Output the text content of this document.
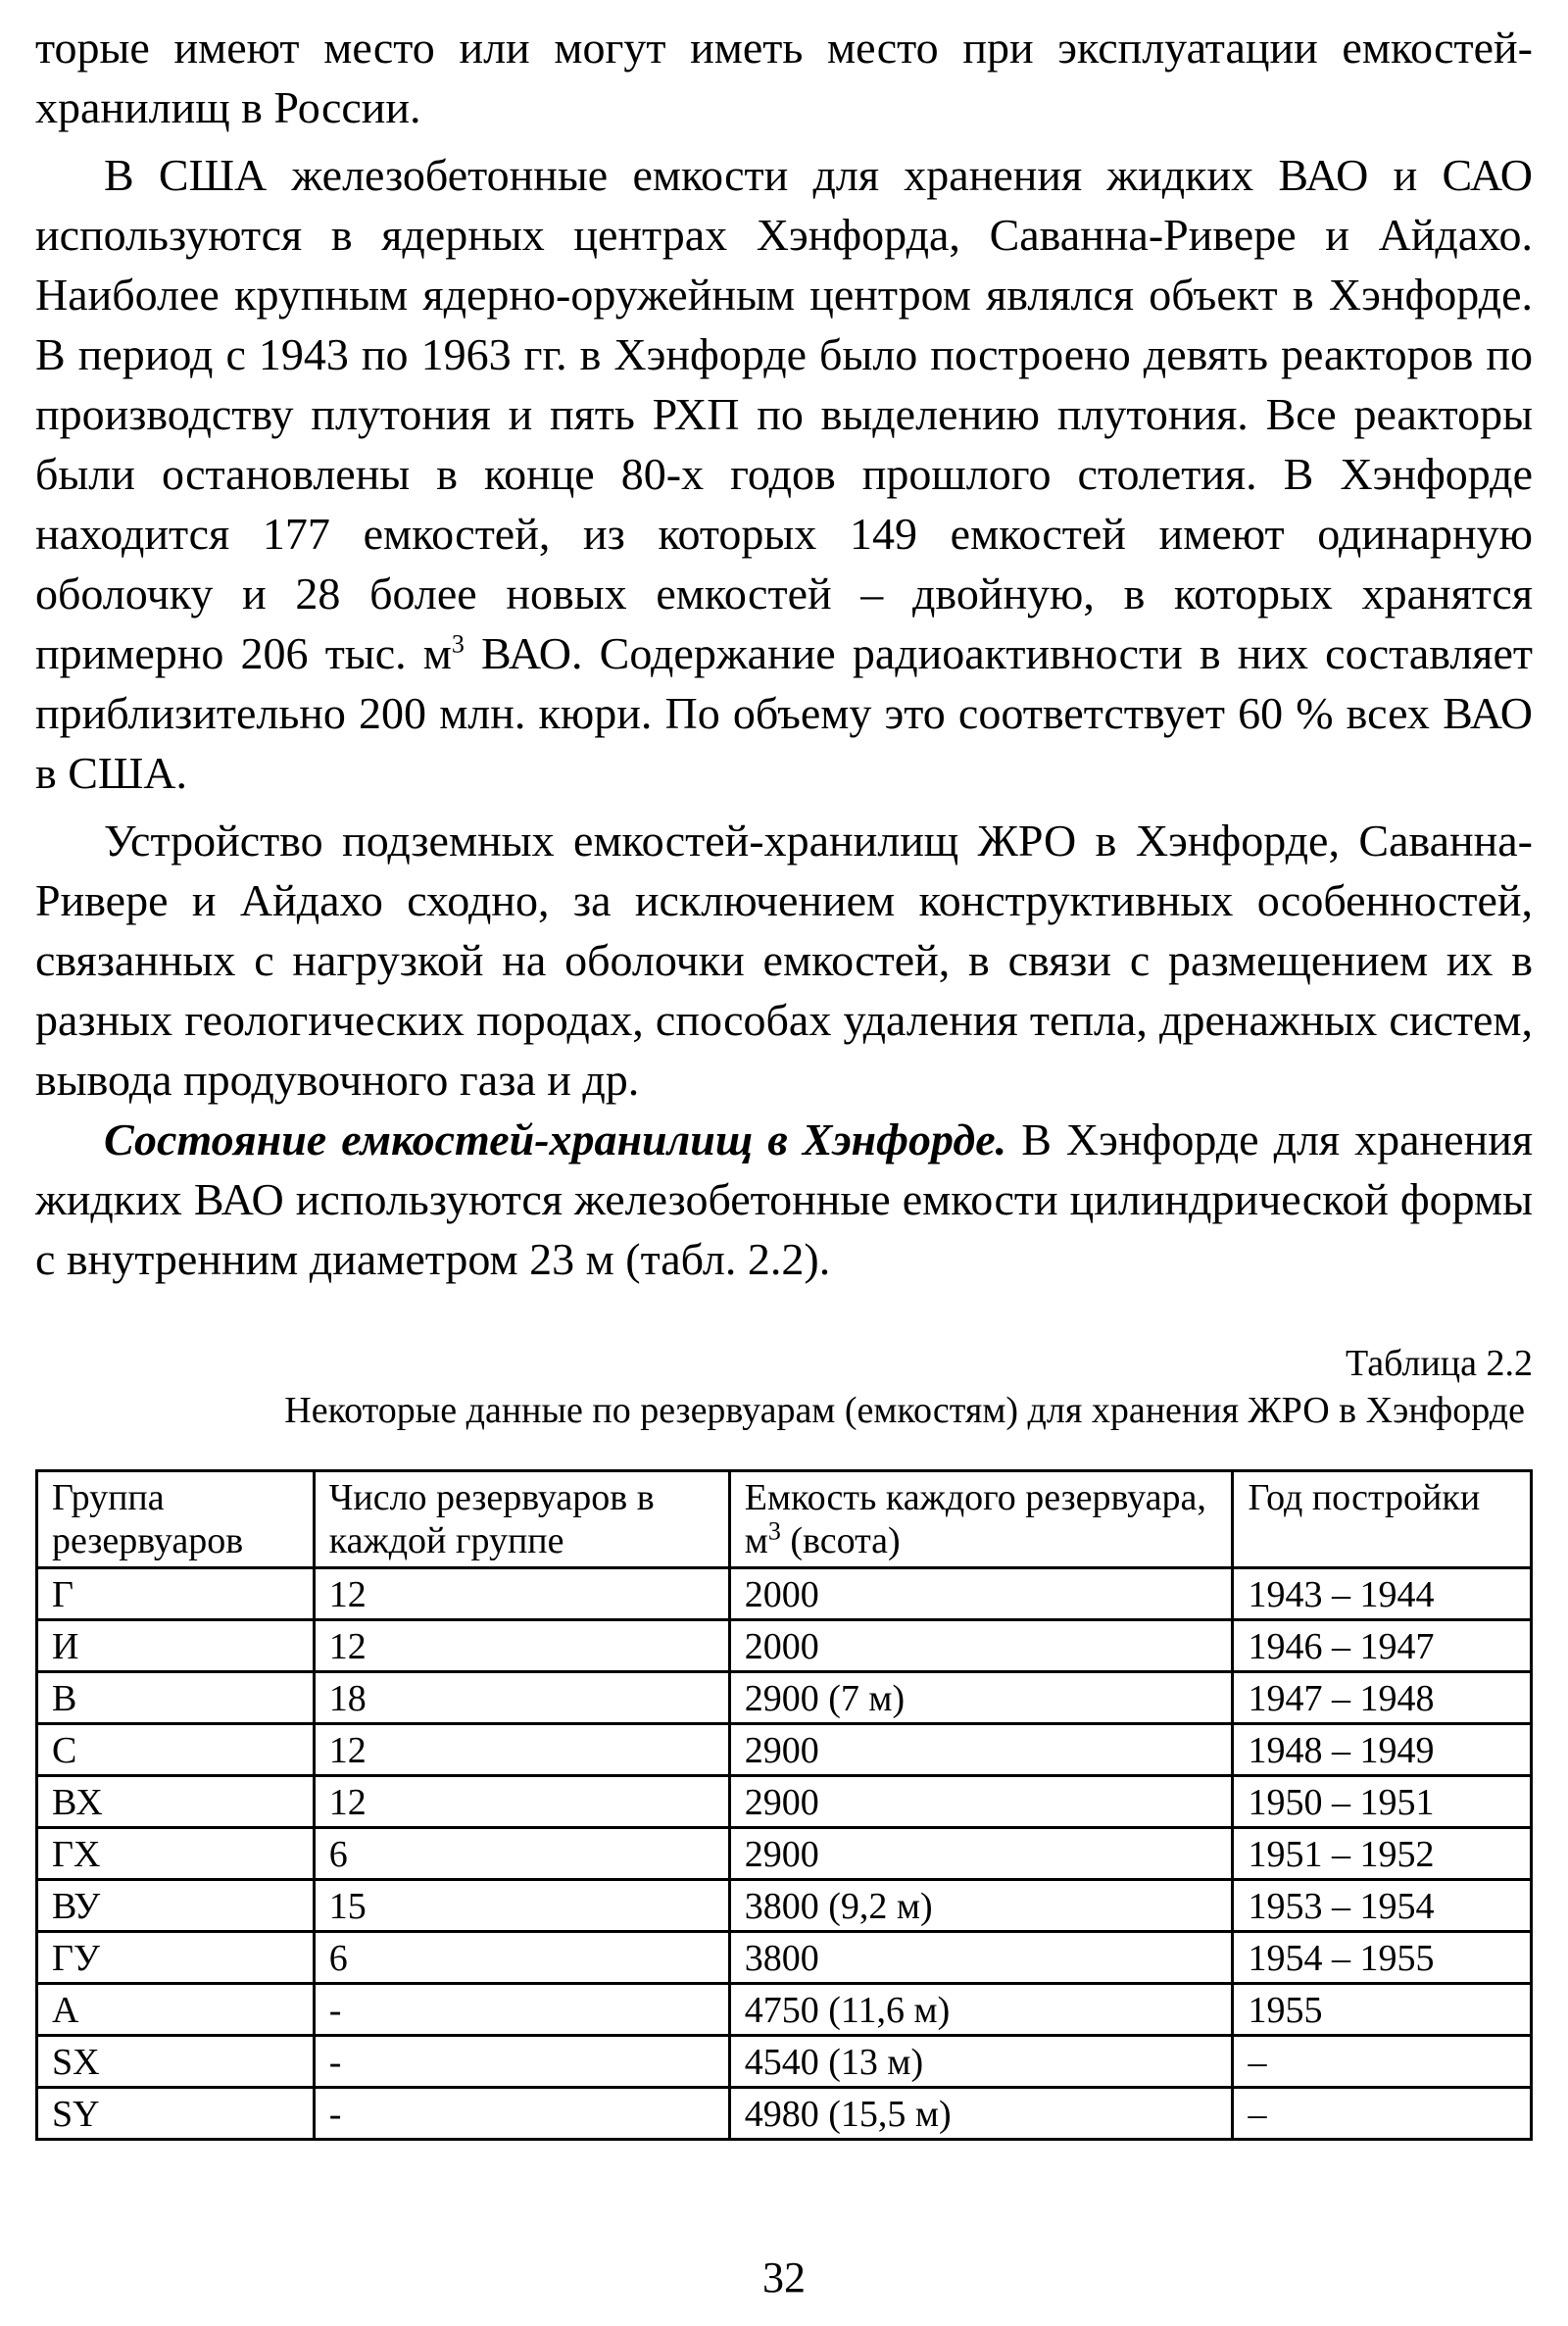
торые имеют место или могут иметь место при эксплуатации емкостей-хранилищ в России.

В США железобетонные емкости для хранения жидких ВАО и САО используются в ядерных центрах Хэнфорда, Саванна-Ривере и Айдахо. Наиболее крупным ядерно-оружейным центром являлся объект в Хэнфорде. В период с 1943 по 1963 гг. в Хэнфорде было построено девять реакторов по производству плутония и пять РХП по выделению плутония. Все реакторы были остановлены в конце 80-х годов прошлого столетия. В Хэнфорде находится 177 емкостей, из которых 149 емкостей имеют одинарную оболочку и 28 более новых емкостей – двойную, в которых хранятся примерно 206 тыс. $м^3$ ВАО. Содержание радиоактивности в них составляет приблизительно 200 млн. кюри. По объему это соответствует 60 % всех ВАО в США.

Устройство подземных емкостей-хранилищ ЖРО в Хэнфорде, Саванна-Ривере и Айдахо сходно, за исключением конструктивных особенностей, связанных с нагрузкой на оболочки емкостей, в связи с размещением их в разных геологических породах, способах удаления тепла, дренажных систем, вывода продувочного газа и др.

Состояние емкостей-хранилищ в Хэнфорде. В Хэнфорде для хранения жидких ВАО используются железобетонные емкости цилиндрической формы с внутренним диаметром 23 м (табл. 2.2).

Таблица 2.2
Некоторые данные по резервуарам (емкостям) для хранения ЖРО в Хэнфорде
Группа резервуаров	Число резервуаров в каждой группе	Емкость каждого резервуара, $м^3$ (всота)	Год постройки
Г	12	2000	1943 – 1944
И	12	2000	1946 – 1947
В	18	2900 (7 м)	1947 – 1948
С	12	2900	1948 – 1949
ВХ	12	2900	1950 – 1951
ГХ	6	2900	1951 – 1952
ВУ	15	3800 (9,2 м)	1953 – 1954
ГУ	6	3800	1954 – 1955
А	-	4750 (11,6 м)	1955
SX	-	4540 (13 м)	–
SY	-	4980 (15,5 м)	–
32
